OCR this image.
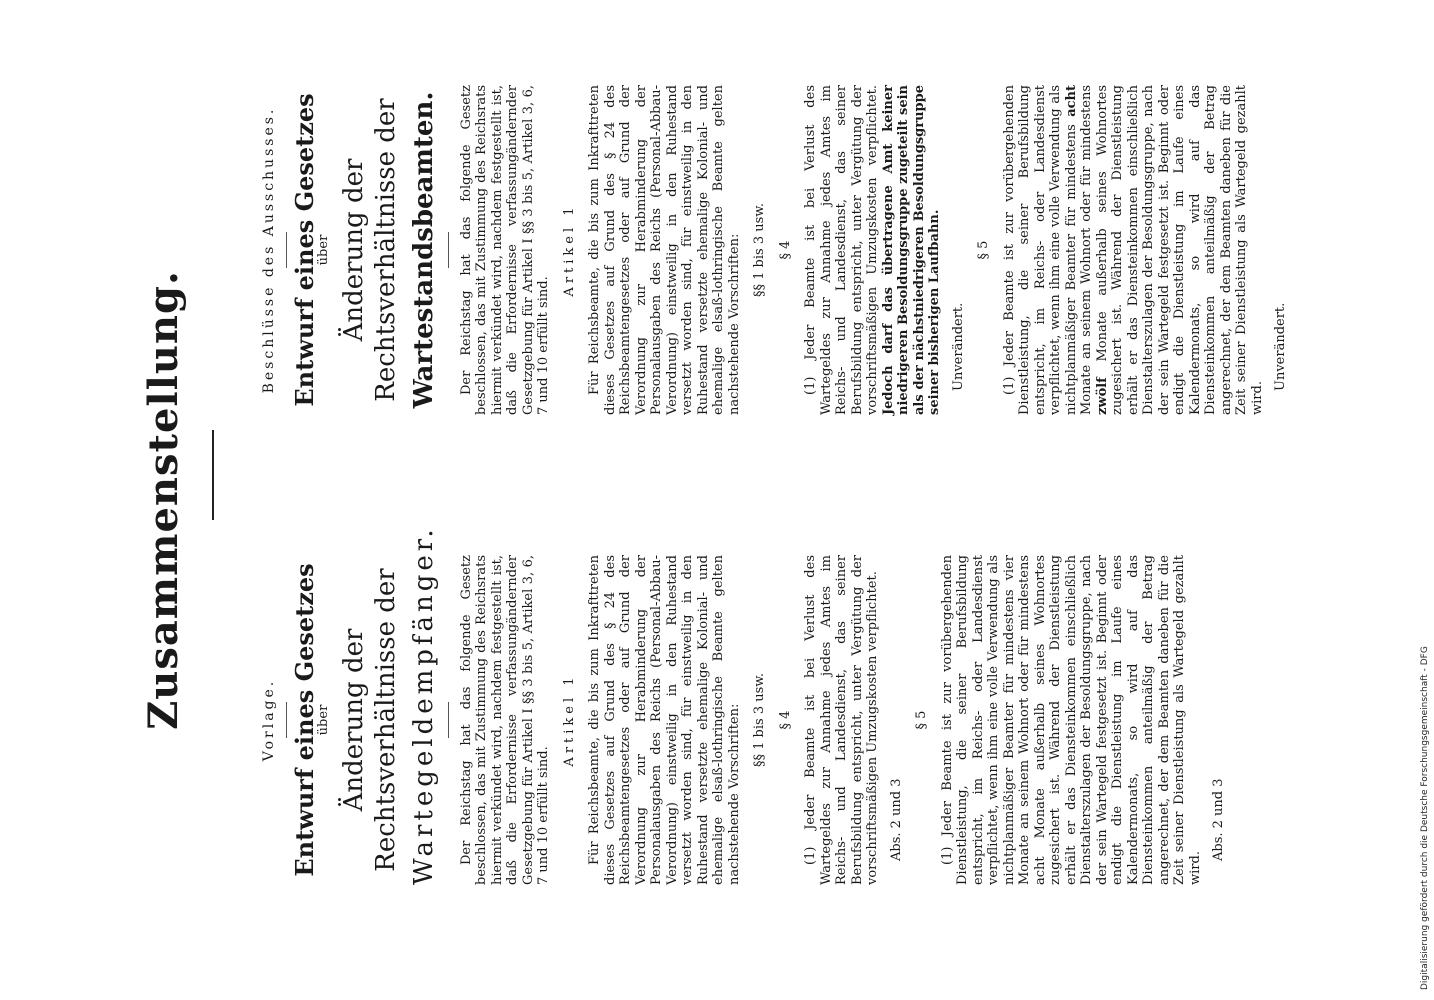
Zusammenstellung.	Vorlage. Entwurf eines Gesetzes
über Änderung der Rechtsverhältnisse der Wartegeldempfänger. Der Reichstag hat das folgende Gesetz beschlossen, das mit Zustimmung des Reichsrats hiermit verkündet wird, nachdem festgestellt ist, daß die Erfordernisse verfassungändernder Gesetzgebung für Artikel I §§ 3 bis 5, Artikel 3, 6, 7 und 10 erfüllt sind.

Artikel 1 Für Reichsbeamte, die bis zum Inkrafttreten dieses Gesetzes auf Grund des § 24 des Reichsbeamtengesetzes oder auf Grund der Verordnung zur Herabminderung der Personalausgaben des Reichs (Personal-Abbau-Verordnung) einstweilig in den Ruhestand versetzt worden sind, für einstweilig in den Ruhestand versetzte ehemalige Kolonial- und ehemalige elsaß-lothringische Beamte gelten nachstehende Vorschriften: §§ 1 bis 3 usw. § 4 (1) Jeder Beamte ist bei Verlust des Wartegeldes zur Annahme jedes Amtes im Reichs- und Landesdienst, das seiner Berufsbildung entspricht, unter Vergütung der vorschriftsmäßigen Umzugskosten verpflichtet. Abs. 2 und 3
§ 5 (1) Jeder Beamte ist zur vorübergehenden Dienstleistung, die seiner Berufsbildung entspricht, im Reichs- oder Landesdienst verpflichtet, wenn ihm eine volle Verwendung als nichtplanmäßiger Beamter für mindestens vier Monate an seinem Wohnort oder für mindestens acht Monate außerhalb seines Wohnortes zugesichert ist. Während der Dienstleistung erhält er das Diensteinkommen einschließlich Dienstalterszulagen der Besoldungsgruppe, nach der sein Wartegeld festgesetzt ist. Beginnt oder endigt die Dienstleistung im Laufe eines Kalendermonats, so wird auf das Diensteinkommen anteilmäßig der Betrag angerechnet, der dem Beamten daneben für die Zeit seiner Dienstleistung als Wartegeld gezahlt wird.

Abs. 2 und 3
Beschlüsse des Ausschusses. Entwurf eines Gesetzes
über Änderung der Rechtsverhältnisse der Wartestandsbeamten. Der Reichstag hat das folgende Gesetz beschlossen, das mit Zustimmung des Reichsrats hiermit verkündet wird, nachdem festgestellt ist, daß die Erfordernisse verfassungändernder Gesetzgebung für Artikel I §§ 3 bis 5, Artikel 3, 6, 7 und 10 erfüllt sind.

Artikel 1 Für Reichsbeamte, die bis zum Inkrafttreten dieses Gesetzes auf Grund des § 24 des Reichsbeamtengesetzes oder auf Grund der Verordnung zur Herabminderung der Personalausgaben des Reichs (Personal-Abbau-Verordnung) einstweilig in den Ruhestand versetzt worden sind, für einstweilig in den Ruhestand versetzte ehemalige Kolonial- und ehemalige elsaß-lothringische Beamte gelten nachstehende Vorschriften: §§ 1 bis 3 usw. § 4 (1) Jeder Beamte ist bei Verlust des Wartegeldes zur Annahme jedes Amtes im Reichs- und Landesdienst, das seiner Berufsbildung entspricht, unter Vergütung der vorschriftsmäßigen Umzugskosten verpflichtet. Jedoch darf das übertragene Amt keiner niedrigeren Besoldungsgruppe zugeteilt sein als der nächstniedrigeren Besoldungsgruppe seiner bisherigen Laufbahn. Unverändert.
§ 5 (1) Jeder Beamte ist zur vorübergehenden Dienstleistung, die seiner Berufsbildung entspricht, im Reichs- oder Landesdienst verpflichtet, wenn ihm eine volle Verwendung als nichtplanmäßiger Beamter für mindestens acht Monate an seinem Wohnort oder für mindestens zwölf Monate außerhalb seines Wohnortes zugesichert ist. Während der Dienstleistung erhält er das Diensteinkommen einschließlich Dienstalterszulagen der Besoldungsgruppe, nach der sein Wartegeld festgesetzt ist. Beginnt oder endigt die Dienstleistung im Laufe eines Kalendermonats, so wird auf das Diensteinkommen anteilmäßig der Betrag angerechnet, der dem Beamten daneben für die Zeit seiner Dienstleistung als Wartegeld gezahlt wird.

Unverändert.
Digitalisierung gefördert durch die Deutsche Forschungsgemeinschaft - DFG
